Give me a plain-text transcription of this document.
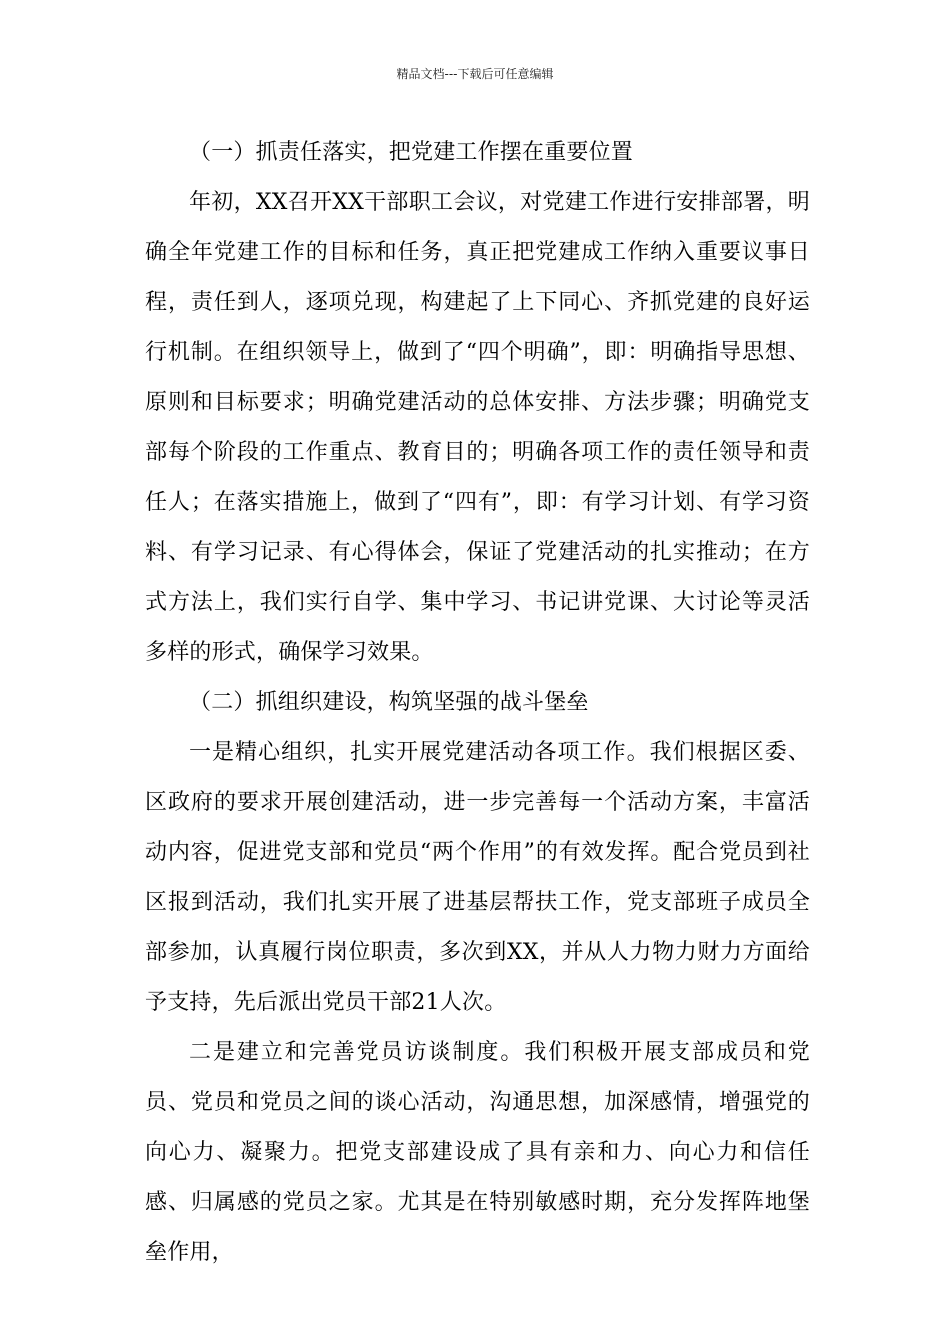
精品文档---下载后可任意编辑

（一）抓责任落实，把党建工作摆在重要位置

年初，XX召开XX干部职工会议，对党建工作进行安排部署，明确全年党建工作的目标和任务，真正把党建成工作纳入重要议事日程，责任到人，逐项兑现，构建起了上下同心、齐抓党建的良好运行机制。在组织领导上，做到了“四个明确”，即：明确指导思想、原则和目标要求；明确党建活动的总体安排、方法步骤；明确党支部每个阶段的工作重点、教育目的；明确各项工作的责任领导和责任人；在落实措施上，做到了“四有”，即：有学习计划、有学习资料、有学习记录、有心得体会，保证了党建活动的扎实推动；在方式方法上，我们实行自学、集中学习、书记讲党课、大讨论等灵活多样的形式，确保学习效果。

（二）抓组织建设，构筑坚强的战斗堡垒

一是精心组织，扎实开展党建活动各项工作。我们根据区委、区政府的要求开展创建活动，进一步完善每一个活动方案，丰富活动内容，促进党支部和党员“两个作用”的有效发挥。配合党员到社区报到活动，我们扎实开展了进基层帮扶工作，党支部班子成员全部参加，认真履行岗位职责，多次到XX，并从人力物力财力方面给予支持，先后派出党员干部21人次。

二是建立和完善党员访谈制度。我们积极开展支部成员和党员、党员和党员之间的谈心活动，沟通思想，加深感情，增强党的向心力、凝聚力。把党支部建设成了具有亲和力、向心力和信任感、归属感的党员之家。尤其是在特别敏感时期，充分发挥阵地堡垒作用，
